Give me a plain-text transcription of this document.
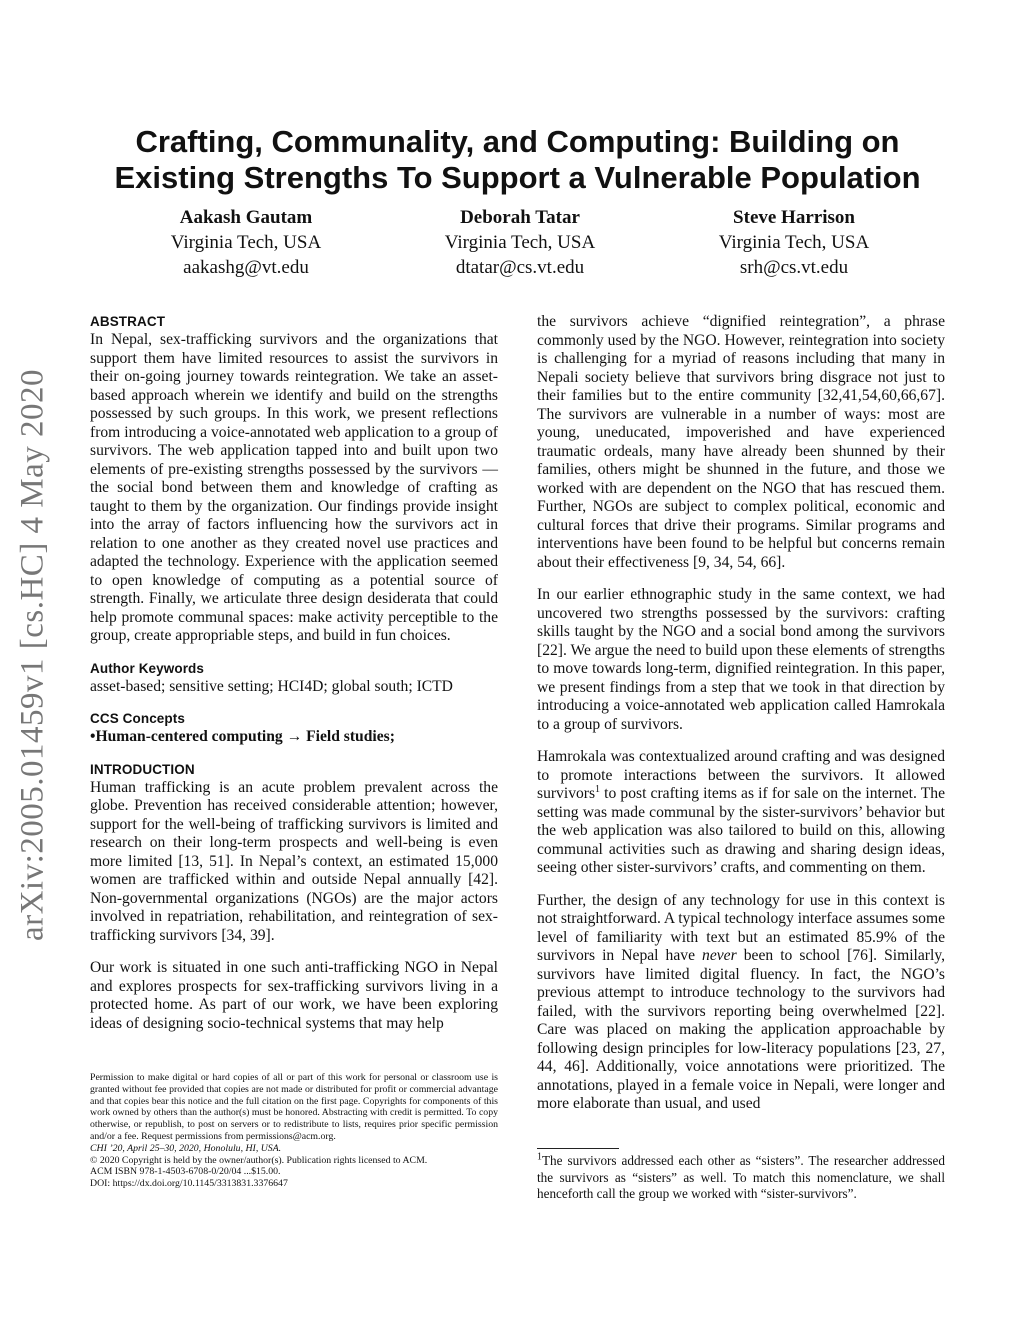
arXiv:2005.01459v1 [cs.HC] 4 May 2020
Crafting, Communality, and Computing: Building on Existing Strengths To Support a Vulnerable Population
Aakash Gautam
Virginia Tech, USA
aakashg@vt.edu
Deborah Tatar
Virginia Tech, USA
dtatar@cs.vt.edu
Steve Harrison
Virginia Tech, USA
srh@cs.vt.edu
ABSTRACT

In Nepal, sex-trafficking survivors and the organizations that support them have limited resources to assist the survivors in their on-going journey towards reintegration. We take an asset-based approach wherein we identify and build on the strengths possessed by such groups. In this work, we present reflections from introducing a voice-annotated web application to a group of survivors. The web application tapped into and built upon two elements of pre-existing strengths possessed by the survivors — the social bond between them and knowledge of crafting as taught to them by the organization. Our findings provide insight into the array of factors influencing how the survivors act in relation to one another as they created novel use practices and adapted the technology. Experience with the application seemed to open knowledge of computing as a potential source of strength. Finally, we articulate three design desiderata that could help promote communal spaces: make activity perceptible to the group, create appropriable steps, and build in fun choices.

Author Keywords

asset-based; sensitive setting; HCI4D; global south; ICTD

CCS Concepts

•Human-centered computing → Field studies;

INTRODUCTION

Human trafficking is an acute problem prevalent across the globe. Prevention has received considerable attention; however, support for the well-being of trafficking survivors is limited and research on their long-term prospects and well-being is even more limited [13, 51]. In Nepal’s context, an estimated 15,000 women are trafficked within and outside Nepal annually [42]. Non-governmental organizations (NGOs) are the major actors involved in repatriation, rehabilitation, and reintegration of sex-trafficking survivors [34, 39].

Our work is situated in one such anti-trafficking NGO in Nepal and explores prospects for sex-trafficking survivors living in a protected home. As part of our work, we have been exploring ideas of designing socio-technical systems that may help

Permission to make digital or hard copies of all or part of this work for personal or classroom use is granted without fee provided that copies are not made or distributed for profit or commercial advantage and that copies bear this notice and the full citation on the first page. Copyrights for components of this work owned by others than the author(s) must be honored. Abstracting with credit is permitted. To copy otherwise, or republish, to post on servers or to redistribute to lists, requires prior specific permission and/or a fee. Request permissions from permissions@acm.org.

CHI ’20, April 25–30, 2020, Honolulu, HI, USA.

© 2020 Copyright is held by the owner/author(s). Publication rights licensed to ACM.

ACM ISBN 978-1-4503-6708-0/20/04 ...$15.00.

DOI: https://dx.doi.org/10.1145/3313831.3376647

the survivors achieve “dignified reintegration”, a phrase commonly used by the NGO. However, reintegration into society is challenging for a myriad of reasons including that many in Nepali society believe that survivors bring disgrace not just to their families but to the entire community [32,41,54,60,66,67]. The survivors are vulnerable in a number of ways: most are young, uneducated, impoverished and have experienced traumatic ordeals, many have already been shunned by their families, others might be shunned in the future, and those we worked with are dependent on the NGO that has rescued them. Further, NGOs are subject to complex political, economic and cultural forces that drive their programs. Similar programs and interventions have been found to be helpful but concerns remain about their effectiveness [9, 34, 54, 66].

In our earlier ethnographic study in the same context, we had uncovered two strengths possessed by the survivors: crafting skills taught by the NGO and a social bond among the survivors [22]. We argue the need to build upon these elements of strengths to move towards long-term, dignified reintegration. In this paper, we present findings from a step that we took in that direction by introducing a voice-annotated web application called Hamrokala to a group of survivors.

Hamrokala was contextualized around crafting and was designed to promote interactions between the survivors. It allowed survivors$^1$ to post crafting items as if for sale on the internet. The setting was made communal by the sister-survivors’ behavior but the web application was also tailored to build on this, allowing communal activities such as drawing and sharing design ideas, seeing other sister-survivors’ crafts, and commenting on them.

Further, the design of any technology for use in this context is not straightforward. A typical technology interface assumes some level of familiarity with text but an estimated 85.9% of the survivors in Nepal have never been to school [76]. Similarly, survivors have limited digital fluency. In fact, the NGO’s previous attempt to introduce technology to the survivors had failed, with the survivors reporting being overwhelmed [22]. Care was placed on making the application approachable by following design principles for low-literacy populations [23, 27, 44, 46]. Additionally, voice annotations were prioritized. The annotations, played in a female voice in Nepali, were longer and more elaborate than usual, and used

$^1$The survivors addressed each other as “sisters”. The researcher addressed the survivors as “sisters” as well. To match this nomenclature, we shall henceforth call the group we worked with “sister-survivors”.
